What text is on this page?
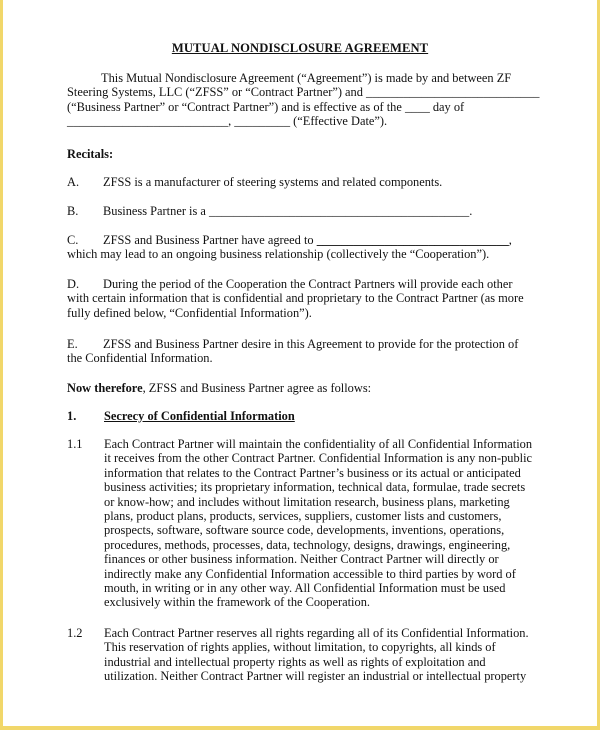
MUTUAL NONDISCLOSURE AGREEMENT
This Mutual Nondisclosure Agreement (“Agreement”) is made by and between ZF
Steering Systems, LLC (“ZFSS” or “Contract Partner”) and ____________________________
(“Business Partner” or “Contract Partner”) and is effective as of the ____ day of
__________________________, _________ (“Effective Date”).
Recitals:
A. ZFSS is a manufacturer of steering systems and related components.
B. Business Partner is a __________________________________________.
C. ZFSS and Business Partner have agreed to _______________________________,
which may lead to an ongoing business relationship (collectively the “Cooperation”).
D. During the period of the Cooperation the Contract Partners will provide each other
with certain information that is confidential and proprietary to the Contract Partner (as more
fully defined below, “Confidential Information”).
E. ZFSS and Business Partner desire in this Agreement to provide for the protection of
the Confidential Information.
Now therefore, ZFSS and Business Partner agree as follows:
1. Secrecy of Confidential Information
1.1 Each Contract Partner will maintain the confidentiality of all Confidential Information
it receives from the other Contract Partner. Confidential Information is any non-public
information that relates to the Contract Partner’s business or its actual or anticipated
business activities; its proprietary information, technical data, formulae, trade secrets
or know-how; and includes without limitation research, business plans, marketing
plans, product plans, products, services, suppliers, customer lists and customers,
prospects, software, software source code, developments, inventions, operations,
procedures, methods, processes, data, technology, designs, drawings, engineering,
finances or other business information. Neither Contract Partner will directly or
indirectly make any Confidential Information accessible to third parties by word of
mouth, in writing or in any other way. All Confidential Information must be used
exclusively within the framework of the Cooperation.
1.2 Each Contract Partner reserves all rights regarding all of its Confidential Information.
This reservation of rights applies, without limitation, to copyrights, all kinds of
industrial and intellectual property rights as well as rights of exploitation and
utilization. Neither Contract Partner will register an industrial or intellectual property
